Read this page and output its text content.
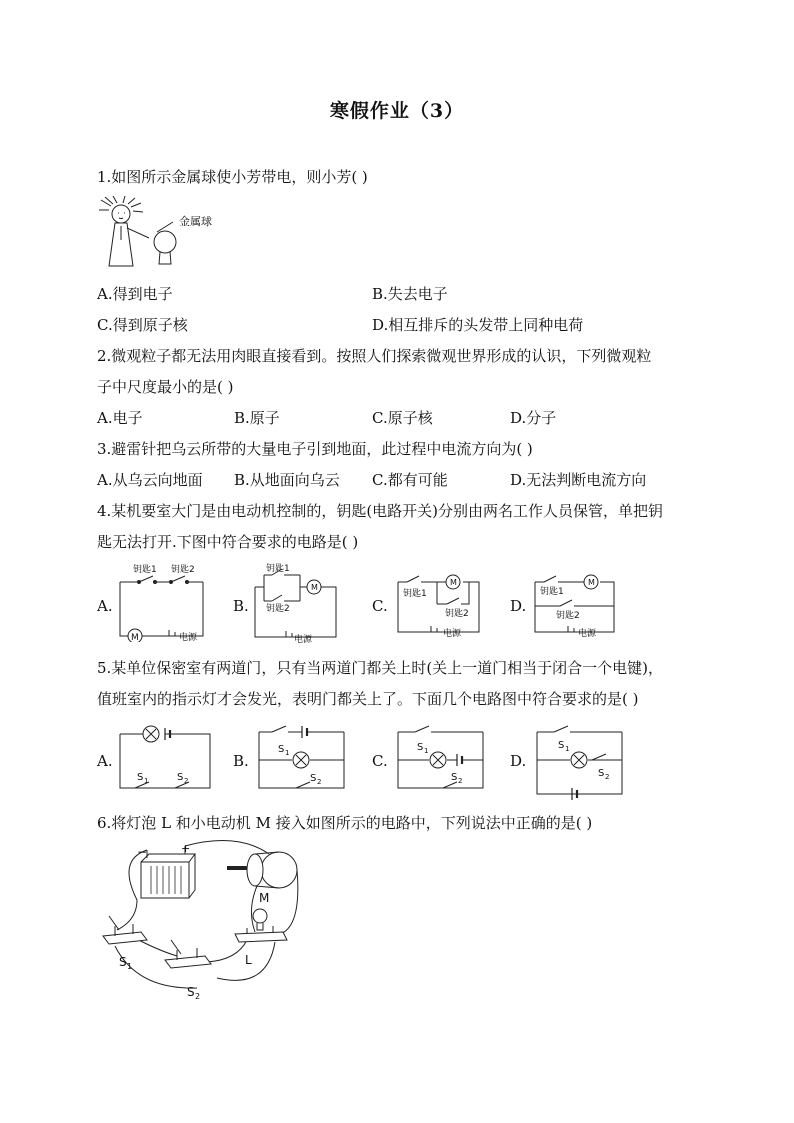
寒假作业（3）
1.如图所示金属球使小芳带电，则小芳( )
金属球
A.得到电子	B.失去电子
C.得到原子核	D.相互排斥的头发带上同种电荷
2.微观粒子都无法用肉眼直接看到。按照人们探索微观世界形成的认识，下列微观粒
子中尺度最小的是( )
A.电子	B.原子	C.原子核	D.分子
3.避雷针把乌云所带的大量电子引到地面，此过程中电流方向为( )
A.从乌云向地面 B.从地面向乌云 C.都有可能	D.无法判断电流方向
4.某机要室大门是由电动机控制的，钥匙(电路开关)分别由两名工作人员保管，单把钥
匙无法打开.下图中符合要求的电路是( )
A.
钥匙1 钥匙2
M	电源
B.
钥匙1
钥匙2
M
电源
C.
钥匙1
钥匙2
M
电源
D.
钥匙1
钥匙2
M
电源
5.某单位保密室有两道门，只有当两道门都关上时(关上一道门相当于闭合一个电键)，
值班室内的指示灯才会发光，表明门都关上了。下面几个电路图中符合要求的是( )
A.
S 1	S 2
B.
S 1
S 2
C.
S 1
S 2
D.
S 1
S 2
6.将灯泡 L 和小电动机 M 接入如图所示的电路中，下列说法中正确的是( )
−	+
M
L
S 1
S 2
